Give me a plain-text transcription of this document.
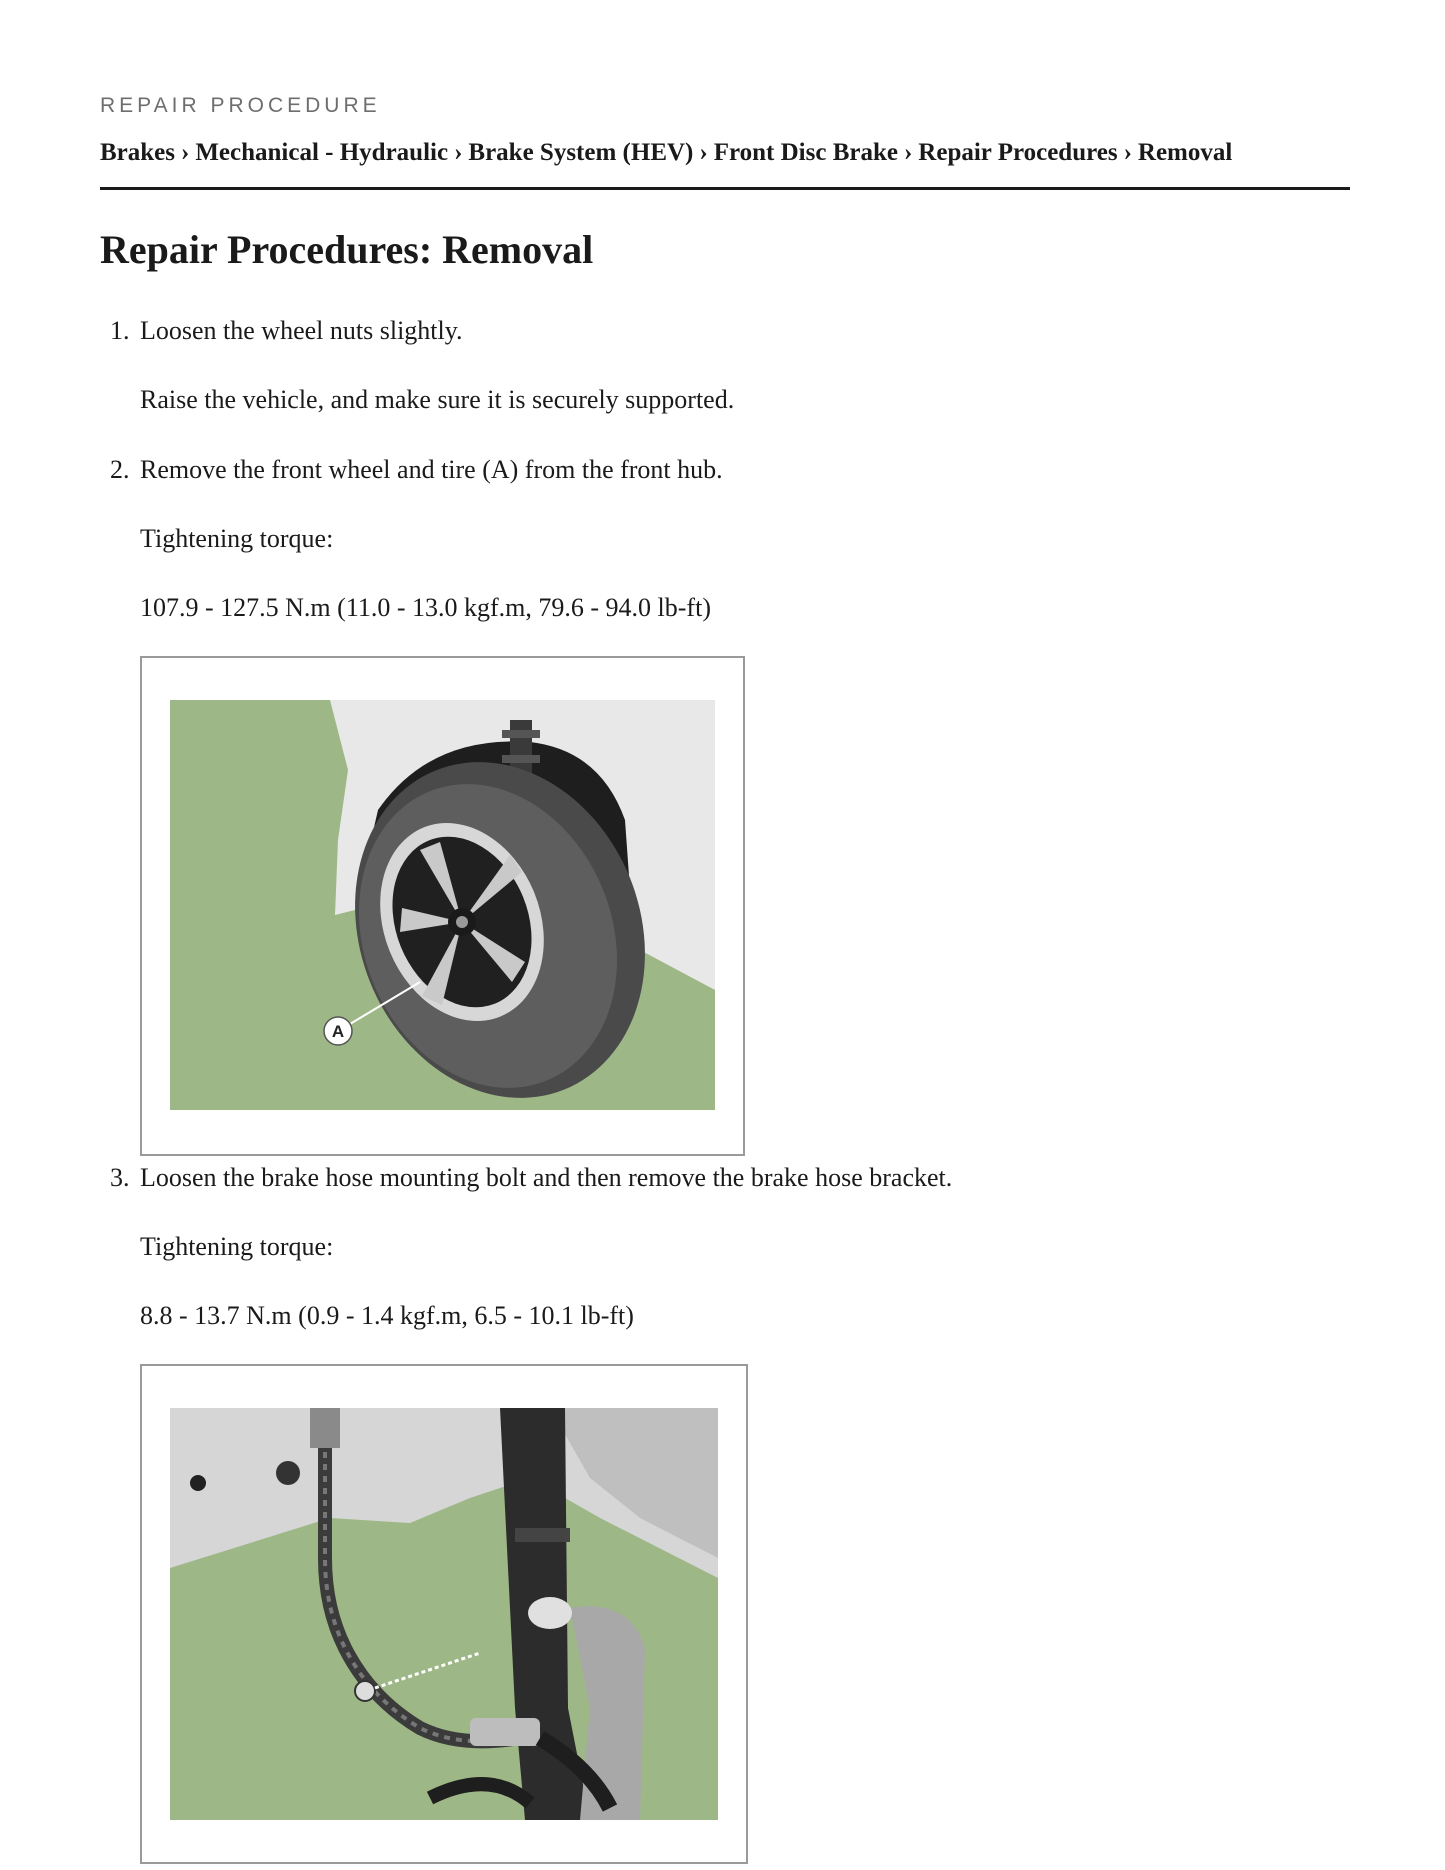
REPAIR PROCEDURE
Brakes › Mechanical - Hydraulic › Brake System (HEV) › Front Disc Brake › Repair Procedures › Removal
Repair Procedures: Removal
1. Loosen the wheel nuts slightly.
Raise the vehicle, and make sure it is securely supported.
2. Remove the front wheel and tire (A) from the front hub.
Tightening torque:
107.9 - 127.5 N.m (11.0 - 13.0 kgf.m, 79.6 - 94.0 lb-ft)
A
3. Loosen the brake hose mounting bolt and then remove the brake hose bracket.
Tightening torque:
8.8 - 13.7 N.m (0.9 - 1.4 kgf.m, 6.5 - 10.1 lb-ft)
